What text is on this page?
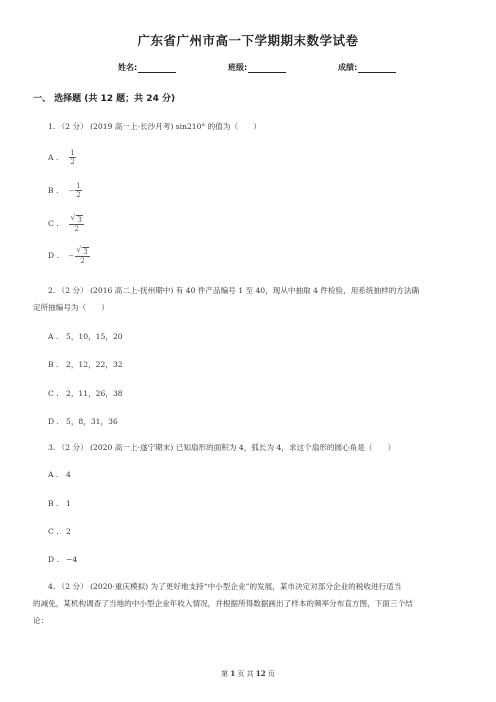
广东省广州市高一下学期期末数学试卷
姓名:	班级:	成绩:
一、 选择题 (共 12 题；共 24 分)
1. （2 分） (2019 高一上·长沙月考) sin210° 的值为（　　）
A . $\frac{1}{2}$
B . − $\frac{1}{2}$
C . $\frac{√ 3}{2}$
D . − $\frac{√ 3}{2}$
2. （2 分） (2016 高二上·抚州期中) 有 40 件产品编号 1 至 40，现从中抽取 4 件检验，用系统抽样的方法确
定所抽编号为（　　）
A . 5，10，15，20
B . 2，12，22，32
C . 2，11，26，38
D . 5，8，31，36
3. （2 分） (2020 高一上·遂宁期末) 已知扇形的面积为 4，弧长为 4，求这个扇形的圆心角是（　　）
A . 4
B . 1
C . 2
D . −4
4. （2 分） (2020·重庆模拟) 为了更好地支持“中小型企业”的发展，某市决定对部分企业的税收进行适当
的减免，某机构调查了当地的中小型企业年收入情况，并根据所得数据画出了样本的频率分布直方图，下面三个结
论：
第 1 页 共 12 页
